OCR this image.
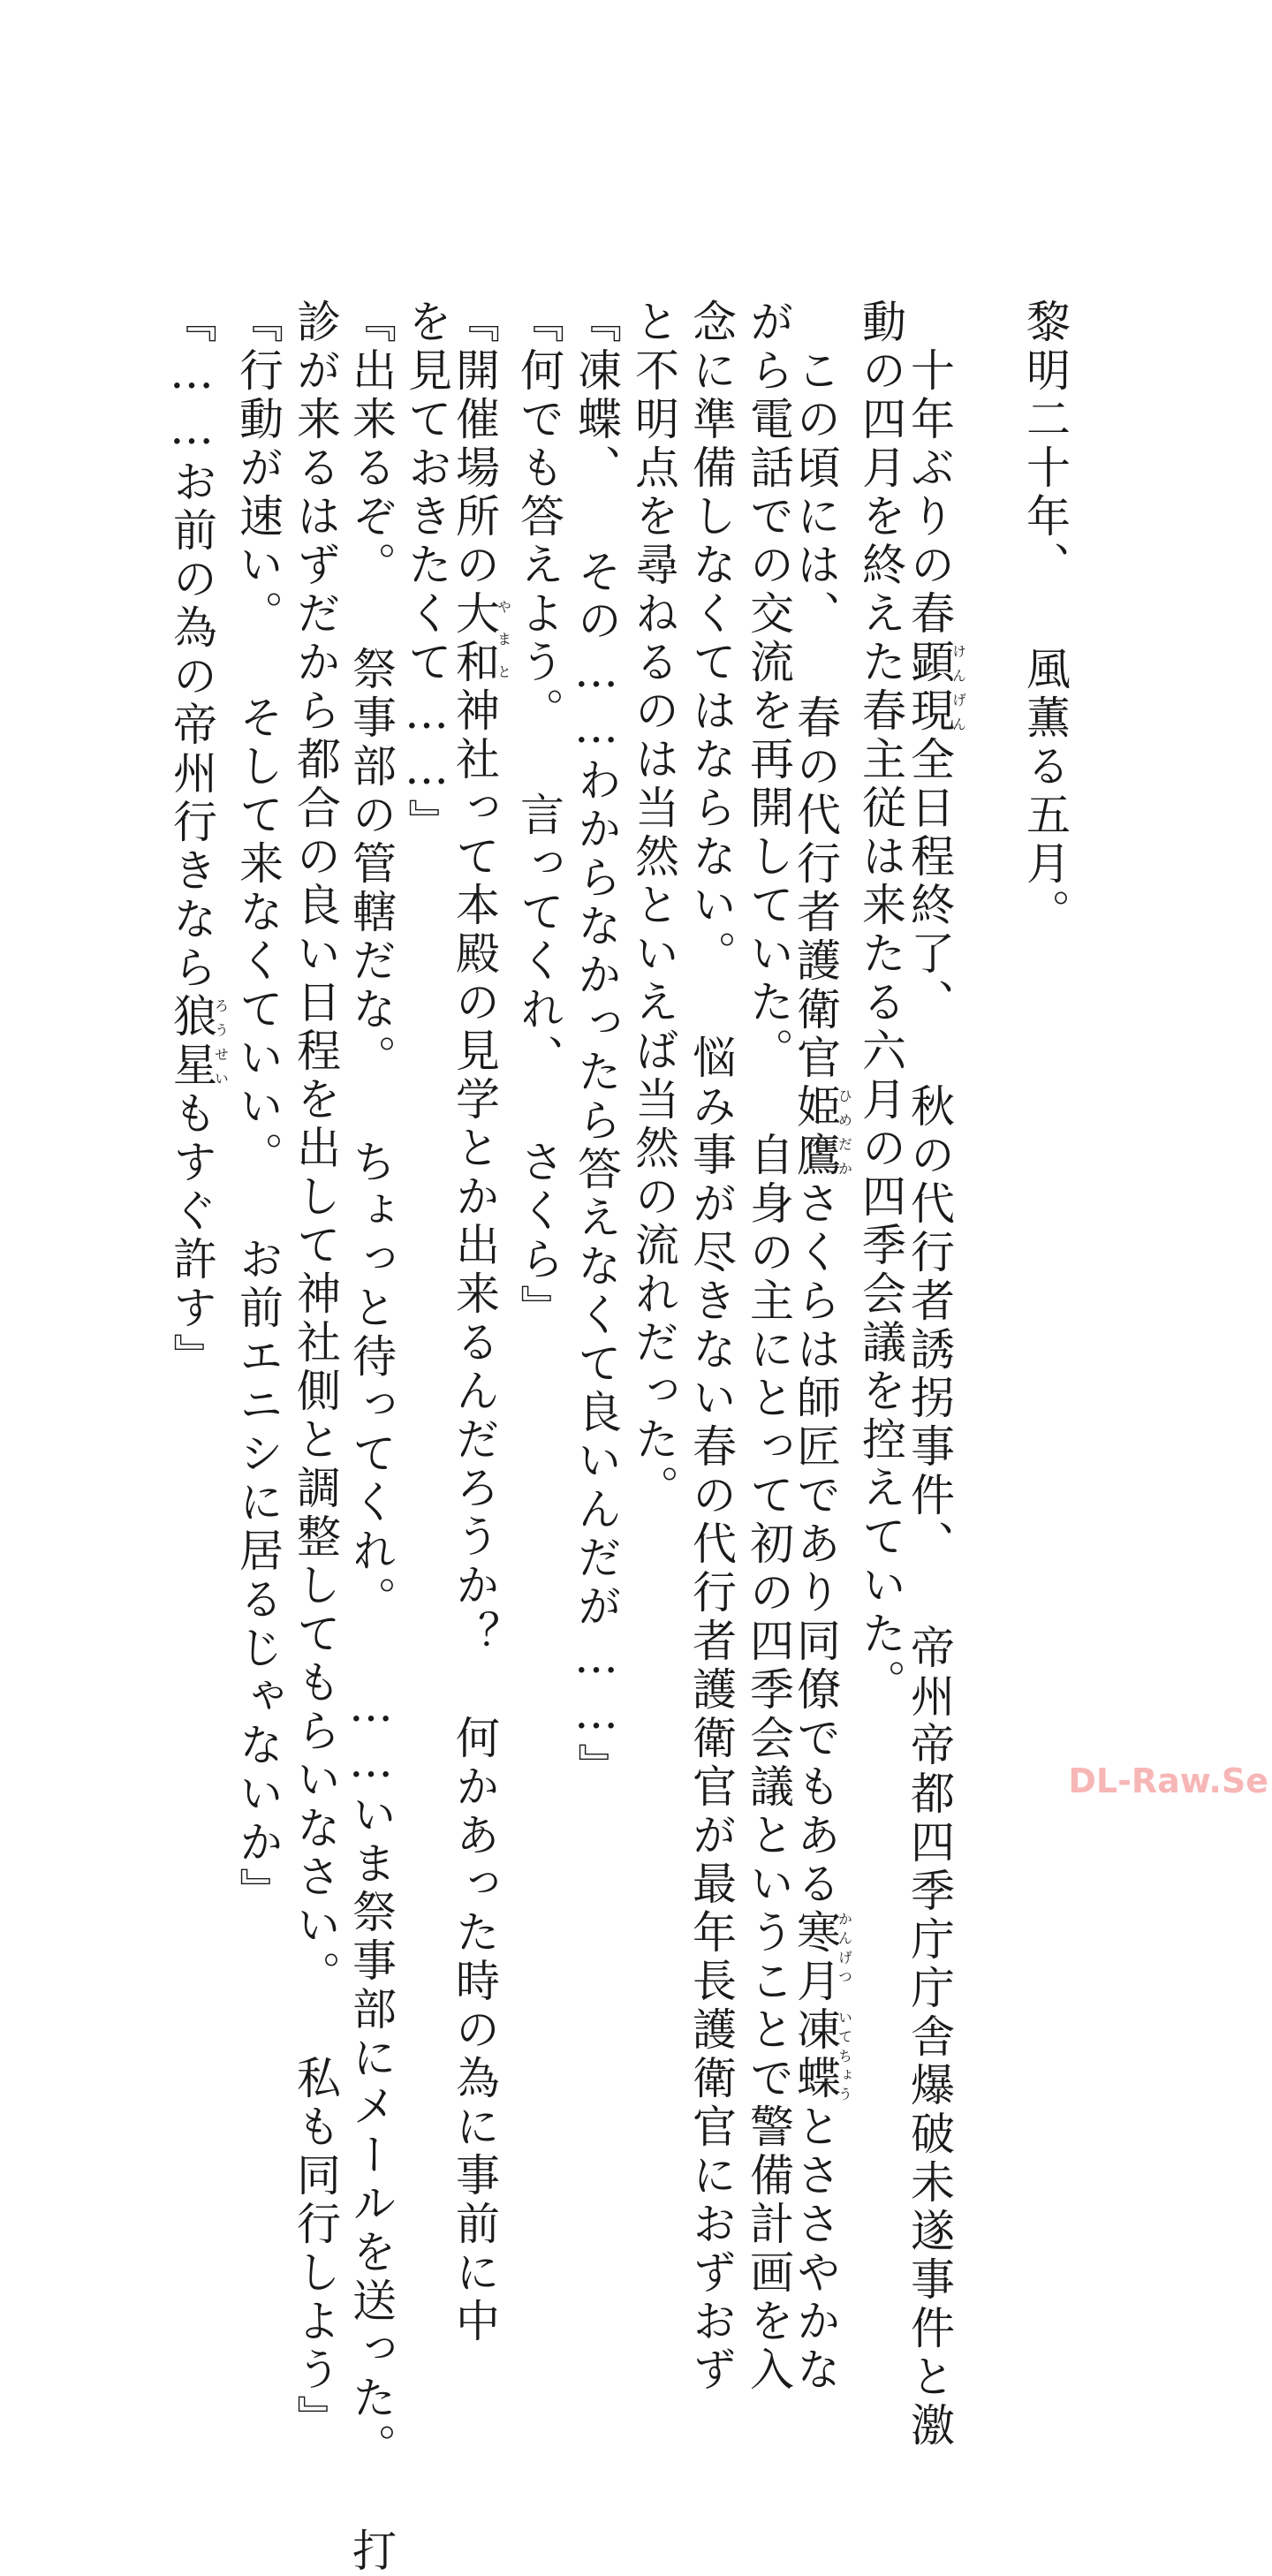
黎明二十年、 風薫る五月。
十年ぶりの春顕現けんげん全日程終了、 秋の代行者誘拐事件、 帝州帝都四季庁庁舎爆破未遂事件と激
動の四月を終えた春主従は来たる六月の四季会議を控えていた。
この頃には、 春の代行者護衛官姫鷹ひめだかさくらは師匠であり同僚でもある寒月凍蝶かんげつ いてちょうとささやかな
がら電話での交流を再開していた。 自身の主にとって初の四季会議ということで警備計画を入
念に準備しなくてはならない。 悩み事が尽きない春の代行者護衛官が最年長護衛官におずおず
と不明点を尋ねるのは当然といえば当然の流れだった。
『凍蝶、 その……わからなかったら答えなくて良いんだが……』
『何でも答えよう。 言ってくれ、 さくら』
『開催場所の大和やまと神社って本殿の見学とか出来るんだろうか？ 何かあった時の為に事前に中
を見ておきたくて……』
『出来るぞ。 祭事部の管轄だな。 ちょっと待ってくれ。 ……いま祭事部にメールを送った。 打
診が来るはずだから都合の良い日程を出して神社側と調整してもらいなさい。 私も同行しよう』
『行動が速い。 そして来なくていい。 お前エニシに居るじゃないか』
『……お前の為の帝州行きなら狼星ろうせいもすぐ許す』
DL-Raw.Se
